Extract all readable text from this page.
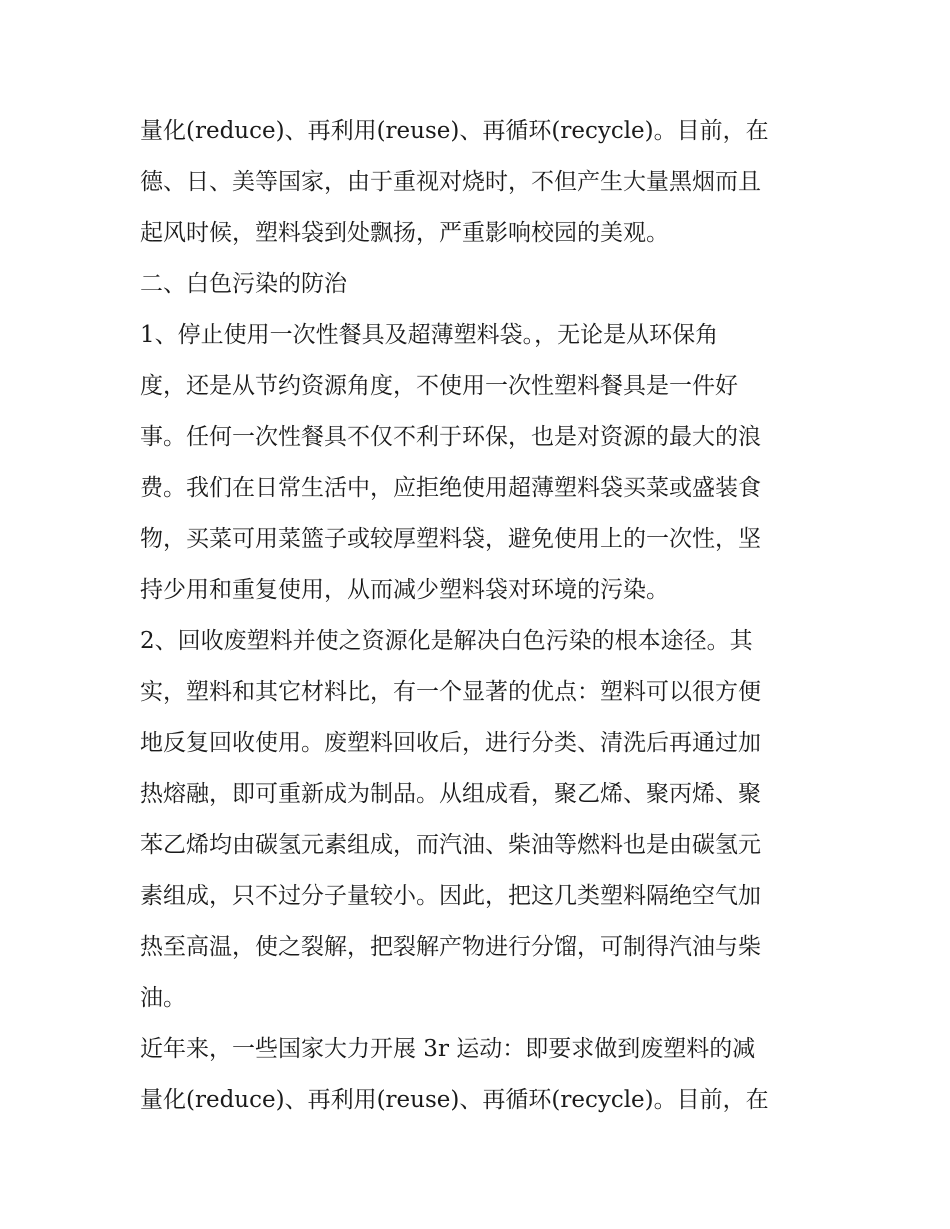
量化(reduce)、再利用(reuse)、再循环(recycle)。目前，在
德、日、美等国家，由于重视对烧时，不但产生大量黑烟而且
起风时候，塑料袋到处飘扬，严重影响校园的美观。
二、白色污染的防治
1、停止使用一次性餐具及超薄塑料袋。，无论是从环保角
度，还是从节约资源角度，不使用一次性塑料餐具是一件好
事。任何一次性餐具不仅不利于环保，也是对资源的最大的浪
费。我们在日常生活中，应拒绝使用超薄塑料袋买菜或盛装食
物，买菜可用菜篮子或较厚塑料袋，避免使用上的一次性，坚
持少用和重复使用，从而减少塑料袋对环境的污染。
2、回收废塑料并使之资源化是解决白色污染的根本途径。其
实，塑料和其它材料比，有一个显著的优点：塑料可以很方便
地反复回收使用。废塑料回收后，进行分类、清洗后再通过加
热熔融，即可重新成为制品。从组成看，聚乙烯、聚丙烯、聚
苯乙烯均由碳氢元素组成，而汽油、柴油等燃料也是由碳氢元
素组成，只不过分子量较小。因此，把这几类塑料隔绝空气加
热至高温，使之裂解，把裂解产物进行分馏，可制得汽油与柴
油。
近年来，一些国家大力开展 3r 运动：即要求做到废塑料的减
量化(reduce)、再利用(reuse)、再循环(recycle)。目前，在
